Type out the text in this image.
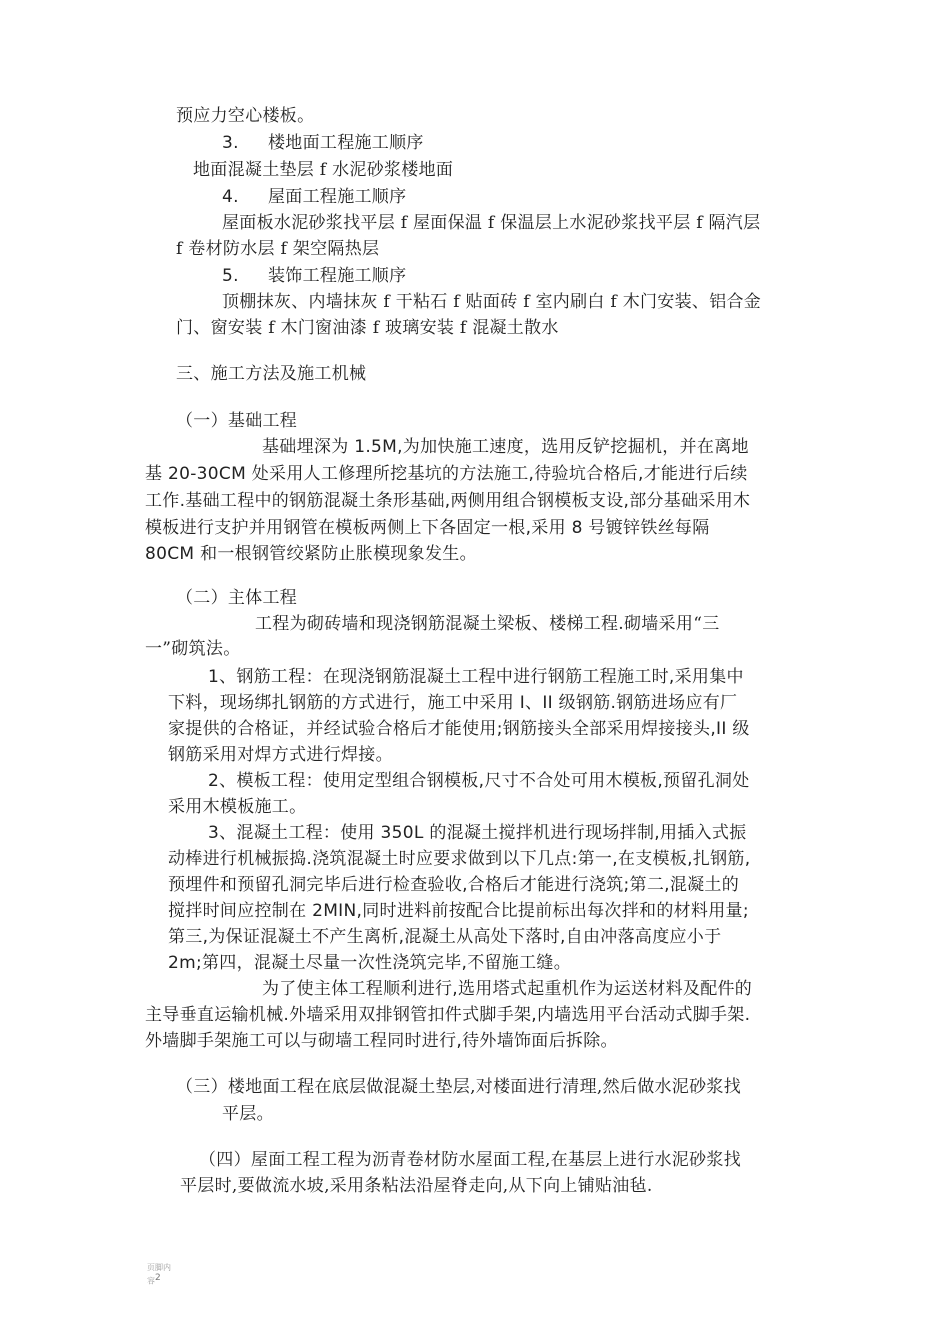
预应力空心楼板。
3. 楼地面工程施工顺序
地面混凝土垫层 f 水泥砂浆楼地面
4. 屋面工程施工顺序
屋面板水泥砂浆找平层 f 屋面保温 f 保温层上水泥砂浆找平层 f 隔汽层
f 卷材防水层 f 架空隔热层
5. 装饰工程施工顺序
顶棚抹灰、内墙抹灰 f 干粘石 f 贴面砖 f 室内刷白 f 木门安装、铝合金
门、窗安装 f 木门窗油漆 f 玻璃安装 f 混凝土散水
三、施工方法及施工机械
（一）基础工程
基础埋深为 1.5M,为加快施工速度，选用反铲挖掘机，并在离地
基 20-30CM 处采用人工修理所挖基坑的方法施工,待验坑合格后,才能进行后续
工作.基础工程中的钢筋混凝土条形基础,两侧用组合钢模板支设,部分基础采用木
模板进行支护并用钢管在模板两侧上下各固定一根,采用 8 号镀锌铁丝每隔
80CM 和一根钢管绞紧防止胀模现象发生。
（二）主体工程
工程为砌砖墙和现浇钢筋混凝土梁板、楼梯工程.砌墙采用“三
一”砌筑法。
1、钢筋工程：在现浇钢筋混凝土工程中进行钢筋工程施工时,采用集中
下料，现场绑扎钢筋的方式进行，施工中采用 I、II 级钢筋.钢筋进场应有厂
家提供的合格证，并经试验合格后才能使用;钢筋接头全部采用焊接接头,II 级
钢筋采用对焊方式进行焊接。
2、模板工程：使用定型组合钢模板,尺寸不合处可用木模板,预留孔洞处
采用木模板施工。
3、混凝土工程：使用 350L 的混凝土搅拌机进行现场拌制,用插入式振
动棒进行机械振捣.浇筑混凝土时应要求做到以下几点:第一,在支模板,扎钢筋,
预埋件和预留孔洞完毕后进行检查验收,合格后才能进行浇筑;第二,混凝土的
搅拌时间应控制在 2MIN,同时进料前按配合比提前标出每次拌和的材料用量;
第三,为保证混凝土不产生离析,混凝土从高处下落时,自由冲落高度应小于
2m;第四，混凝土尽量一次性浇筑完毕,不留施工缝。
为了使主体工程顺利进行,选用塔式起重机作为运送材料及配件的
主导垂直运输机械.外墙采用双排钢管扣件式脚手架,内墙选用平台活动式脚手架.
外墙脚手架施工可以与砌墙工程同时进行,待外墙饰面后拆除。
（三）楼地面工程在底层做混凝土垫层,对楼面进行清理,然后做水泥砂浆找
平层。
（四）屋面工程工程为沥青卷材防水屋面工程,在基层上进行水泥砂浆找
平层时,要做流水坡,采用条粘法沿屋脊走向,从下向上铺贴油毡.
页脚内
容$^2$
